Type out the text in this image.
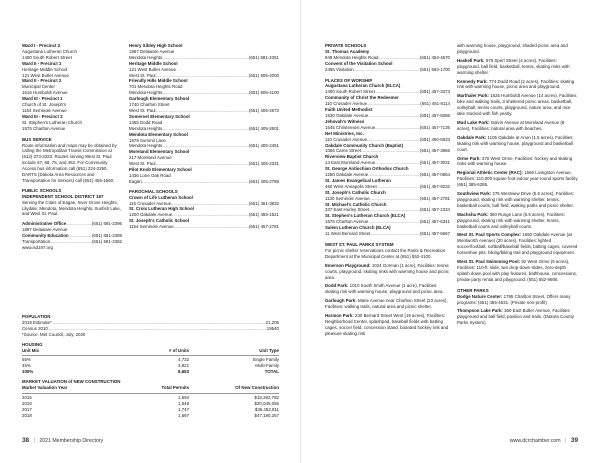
Ward I - Precinct 2
Augustana Lutheran Church
1400 South Robert Street
Ward II - Precinct 1
Heritage Middle School
121 West Butler Avenue
Ward II - Precinct 2
Municipal Center
1616 Humboldt Avenue
Ward III - Precinct 1
Church of St. Joseph's
1154 Seminole Avenue
Ward III - Precinct 2
St. Stephen's Lutheran Church
1575 Charlton Avenue
BUS SERVICE
Route information and maps may be obtained by calling the Metropolitan Transit Commission at (612) 373-3333. Routes serving West St. Paul include 67, 68, 75, and 452. For Community Access bus information call (651) 224-2290. DARTS (Dakota Area Resources and Transportation for Seniors) call (651) 455-1560.
PUBLIC SCHOOLS
INDEPENDENT SCHOOL DISTRICT 197
Serving the Cities of Eagan, Inver Grove Heights, Lilydale, Mendota, Mendota Heights, Sunfish Lake, and West St. Paul.
Administrative Office .....	(651) 681-2396
1897 Delaware Avenue
Community Education .....	(651) 681-2389
Transportation .....	(651) 681-2382
www.isd197.org
Henry Sibley High School
1897 Delaware Avenue
Mendota Heights .....	(651) 681-2351
Heritage Middle School
121 West Butler Avenue
West St. Paul .....	(651) 905-4000
Friendly Hills Middle School
701 Mendota Heights Road
Mendota Heights .....	(651) 905-4100
Garlough Elementary School
1740 Charlton Street
West St. Paul .....	(651) 405-2673
Somerset Elementary School
1355 Dodd Road
Mendota Heights .....	(651) 405-2601
Mendota Elementary School
1979 Summit Lane
Mendota Heights .....	(651) 405-2451
Moreland Elementary School
217 Moreland Avenue
West St. Paul .....	(651) 405-2331
Pilot Knob Elementary School
1436 Lone Oak Road
Eagan .....	(651) 405-2788
PAROCHIAL SCHOOLS
Crown of Life Lutheran School
115 Crusader Avenue .....	(651) 451-3832
St. Croix Lutheran High School
1200 Oakdale Avenue .....	(651) 455-1521
St. Joseph's Catholic School
1154 Seminole Avenue .....	(651) 457-2781
POPULATION
2019 Estimate* .....	21,205
Census 2010 .....	19540
*Source: Met Council, July, 2020
HOUSING
Unit Mix	# of Units	Unit Type
55%	4,732	Single Family
45%	3,921	Multi-Family
100%	8,653	TOTAL
MARKET VALUATION of NEW CONSTRUCTION
Market Valuation Year	Total Permits	Of New Construction
2015	1,694	$18,282,782
2016	1,549	$20,045,055
2017	1,747	$36,453,811
2018	1,697	$47,190,257
38 | 2021 Membership Directory
PRIVATE SCHOOLS
St. Thomas Academy
949 Mendota Heights Road .....	(651) 454-4570
Convent of the Visitation School
2455 Visitation .....	(651) 683-1700
PLACES OF WORSHIP
Augustana Lutheran Church (ELCA)
1400 South Robert Street .....	(651) 457-3373
Community of Christ the Redeemer
110 Crusader Avenue .....	(651) 451-8114
Faith United Methodist
1530 Oakdale Avenue .....	(651) 457-5086
Jehovah's Witness
1545 Christensen Avenue .....	(651) 457-7135
Net Ministries, Inc.
110 Crusader Avenue .....	(651) 450-6833
Oakdale Community Church (Baptist)
1066 Carrie Street .....	(651) 457-3866
Riverview Baptist Church
14 East Moreland Avenue .....	(651) 457-3031
St. George Antiochian Orthodox Church
1250 Oakdale Avenue .....	(651) 457-0854
St. James Evangelical Lutheran
460 West Annapolis Street .....	(651) 457-9232
St. Joseph's Catholic Church
1130 Seminole Avenue .....	(651) 457-2781
St. Michael's Catholic Church
337 East Hurley Street .....	(651) 457-2334
St. Stephen's Lutheran Church (ELCA)
1575 Charlton Avenue .....	(651) 457-6341
Salem Lutheran Church (ELCA)
11 West Bernard Street .....	(651) 457-6667
WEST ST. PAUL PARKS SYSTEM
For picnic shelter reservations contact the Parks & Recreation Department at the Municipal Center at (651) 552-4100.
Emerson Playground: 1024 Gorman (1 acre), Facilities: tennis courts, playground, skating rinks with warming house and picnic area.
Dodd Park: 1010 South Smith Avenue (1 acre), Facilities: skating rink with warming house, playground and picnic area.
Garlough Park: Marie Avenue near Charlton Street (23 acres), Facilities: walking trails, natural area and picnic shelter.
Harmon Park: 230 Bernard Street West (19 acres), Facilities: Neighborhood Center, splashpad, baseball fields with batting cages, soccer field, concession stand, boarded hockey rink and pleasure skating rink
with warming house, playground, shaded picnic area and playground.
Haskell Park: 975 Sperl Street (4 acres), Facilities: playground, ball field, basketball, tennis, skating rinks with warming shelter.
Kennedy Park: 774 Dodd Road (2 acres), Facilities: skating rink with warming house, picnic area and playground.
Marthaler Park: 1625 Humboldt Avenue (14 acres), Facilities: bike and walking trails, 3 sheltered picnic areas, basketball, volleyball, tennis courts, playground, nature area, and nice lake stocked with fish yearly.
Mud Lake Park: Galvin Avenue at Moreland Avenue (8 acres), Facilities: natural area with beaches.
Oakdale Park: 1105 Oakdale at Anon (1.5 acres), Facilities: skating rink with warming house, playground and basketball court.
Orme Park: 370 West Orme, Facilities: hockey and skating rinks with warming house.
Regional Athletic Center (RAC): 1665 Livingston Avenue, Facilities: 110,000 square foot indoor year-round sports facility (651) 385-6285.
Southview Park: 275 Westview Drive (5.5 acres), Facilities: playground, skating rink with warming shelter, tennis, basketball courts, ball field, walking paths and picnic shelter.
Wachsha Park: 360 Runge Lane (5.5 acres), Facilities: playground, skating rink with warming shelter, tennis, basketball courts and volleyball courts.
West St. Paul Sports Complex: 1650 Oakdale Avenue (at Wentworth Avenue) (20 acres), Facilities: lighted soccer/football, softball/baseball fields, batting cages, covered horseshoe pits, hiking/biking trail and playground equipment.
West St. Paul Swimming Pool: 92 West Orme (5 acres), Facilities: 110-ft. slide, two drop-down slides, zero-depth splash down pool with play features, bathhouse, concessions, private party rental and playground. (651) 552-9690.
OTHER PARKS
Dodge Nature Center: 1795 Charlton Street, Offers many programs: (651) 455-4531. (Private non-profit)
Thompson Lake Park: 360 East Butler Avenue, Facilities: playground and ball field, pavilion and trails. (Dakota County Parks System)
www.dcrchamber.com | 39
